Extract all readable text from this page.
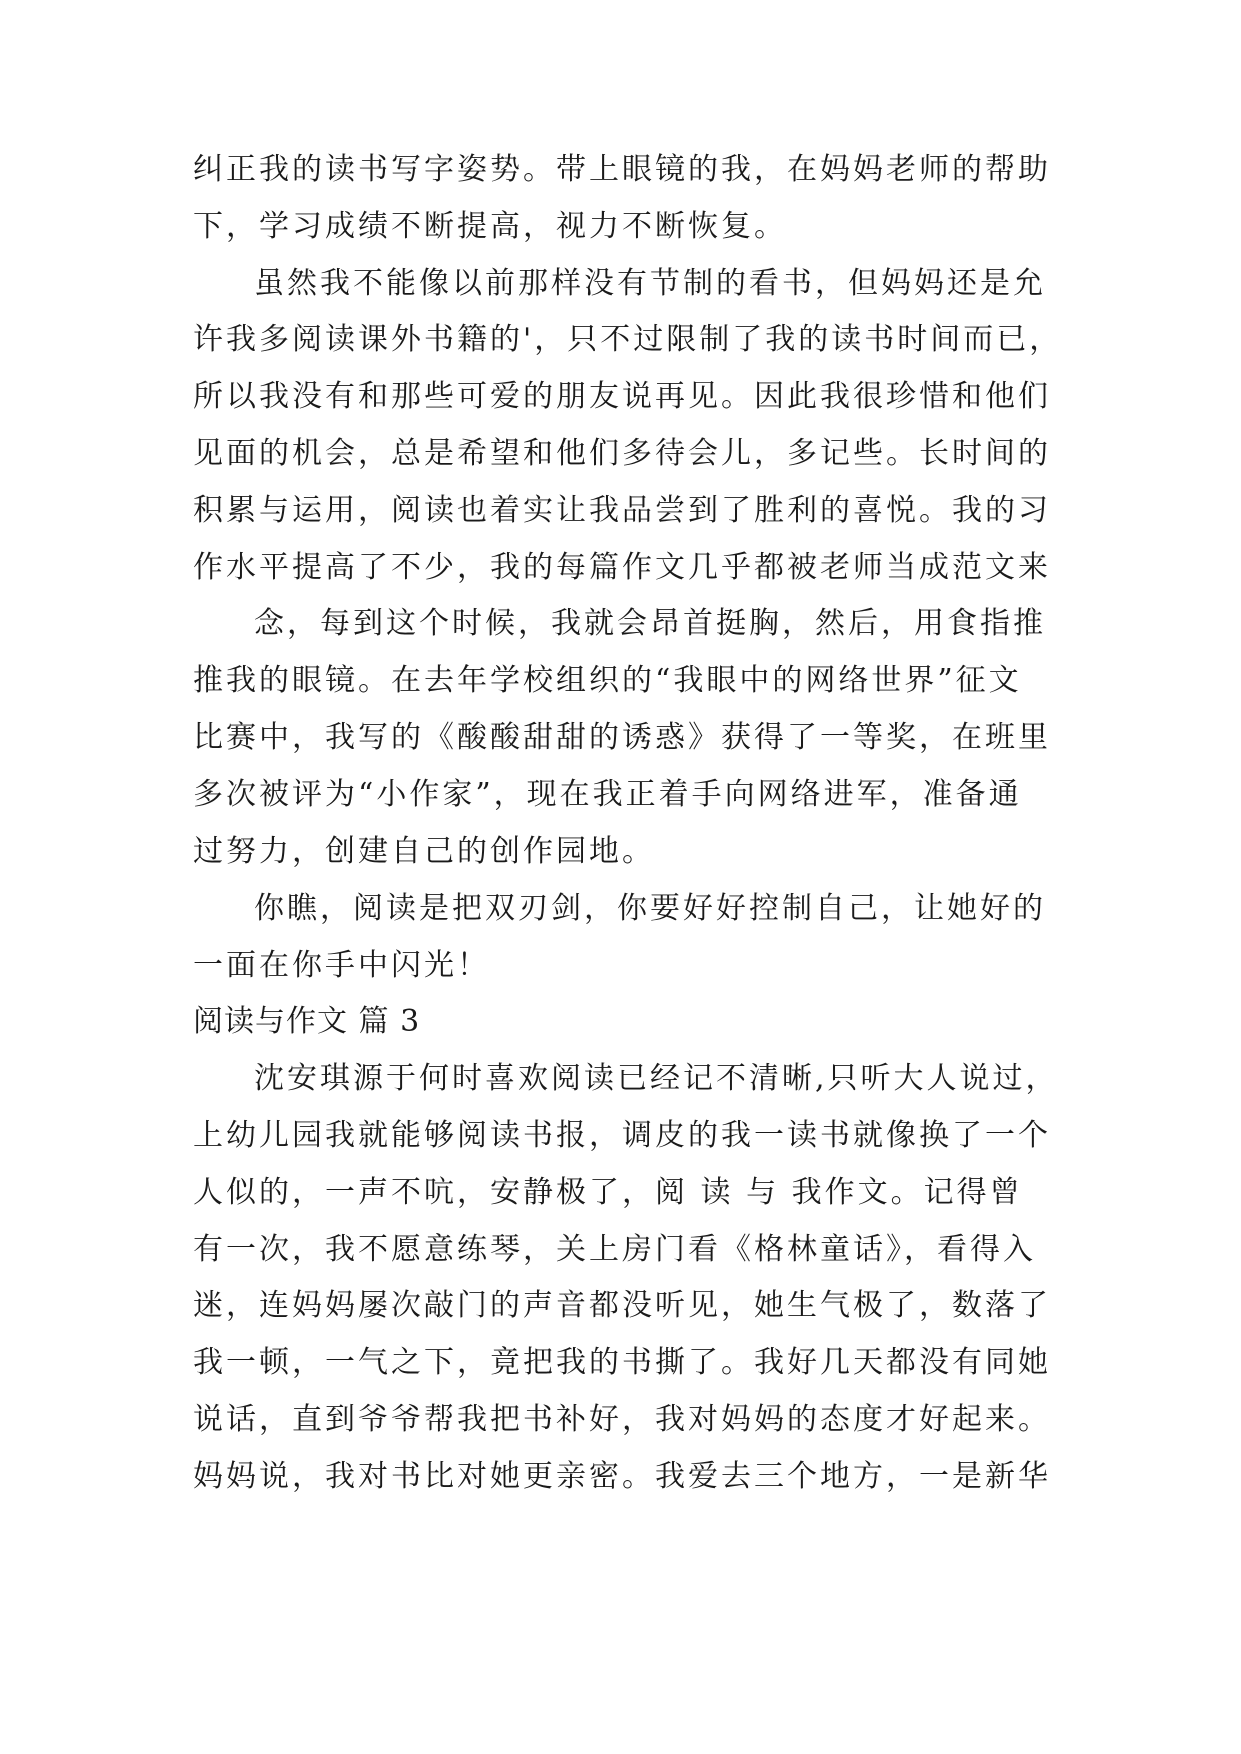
纠正我的读书写字姿势。带上眼镜的我，在妈妈老师的帮助
下，学习成绩不断提高，视力不断恢复。
虽然我不能像以前那样没有节制的看书，但妈妈还是允
许我多阅读课外书籍的'，只不过限制了我的读书时间而已，
所以我没有和那些可爱的朋友说再见。因此我很珍惜和他们
见面的机会，总是希望和他们多待会儿，多记些。长时间的
积累与运用，阅读也着实让我品尝到了胜利的喜悦。我的习
作水平提高了不少，我的每篇作文几乎都被老师当成范文来
念，每到这个时候，我就会昂首挺胸，然后，用食指推
推我的眼镜。在去年学校组织的“我眼中的网络世界”征文
比赛中，我写的《酸酸甜甜的诱惑》获得了一等奖，在班里
多次被评为“小作家”，现在我正着手向网络进军，准备通
过努力，创建自己的创作园地。
你瞧，阅读是把双刃剑，你要好好控制自己，让她好的
一面在你手中闪光！
阅读与作文 篇 3
沈安琪源于何时喜欢阅读已经记不清晰,只听大人说过，
上幼儿园我就能够阅读书报，调皮的我一读书就像换了一个
人似的，一声不吭，安静极了，阅 读 与 我作文。记得曾
有一次，我不愿意练琴，关上房门看《格林童话》，看得入
迷，连妈妈屡次敲门的声音都没听见，她生气极了，数落了
我一顿，一气之下，竟把我的书撕了。我好几天都没有同她
说话，直到爷爷帮我把书补好，我对妈妈的态度才好起来。
妈妈说，我对书比对她更亲密。我爱去三个地方，一是新华
